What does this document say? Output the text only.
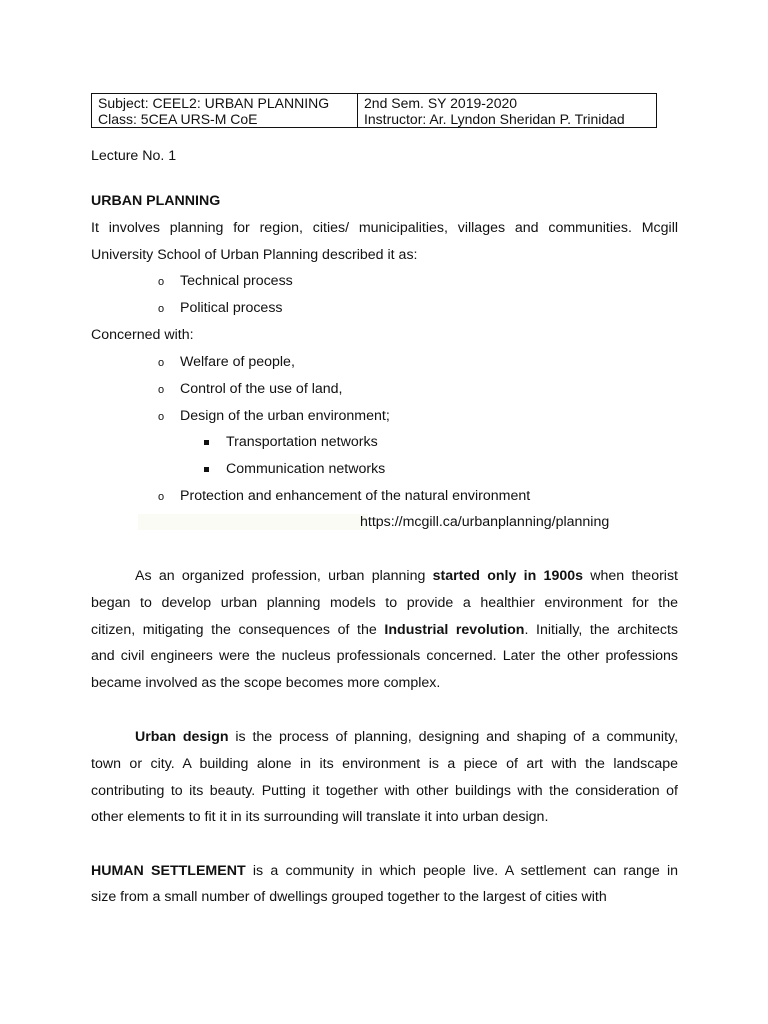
Subject: CEEL2: URBAN PLANNING
Class: 5CEA URS-M CoE

2nd Sem. SY 2019-2020
Instructor: Ar. Lyndon Sheridan P. Trinidad
Lecture No. 1
URBAN PLANNING
It involves planning for region, cities/ municipalities, villages and communities. Mcgill
University School of Urban Planning described it as:
o Technical process
o Political process
Concerned with:
o Welfare of people,
o Control of the use of land,
o Design of the urban environment;
Transportation networks
Communication networks
o Protection and enhancement of the natural environment
https://mcgill.ca/urbanplanning/planning
As an organized profession, urban planning started only in 1900s when theorist
began to develop urban planning models to provide a healthier environment for the
citizen, mitigating the consequences of the Industrial revolution. Initially, the architects
and civil engineers were the nucleus professionals concerned. Later the other professions
became involved as the scope becomes more complex.
Urban design is the process of planning, designing and shaping of a community,
town or city. A building alone in its environment is a piece of art with the landscape
contributing to its beauty. Putting it together with other buildings with the consideration of
other elements to fit it in its surrounding will translate it into urban design.
HUMAN SETTLEMENT is a community in which people live. A settlement can range in
size from a small number of dwellings grouped together to the largest of cities with
